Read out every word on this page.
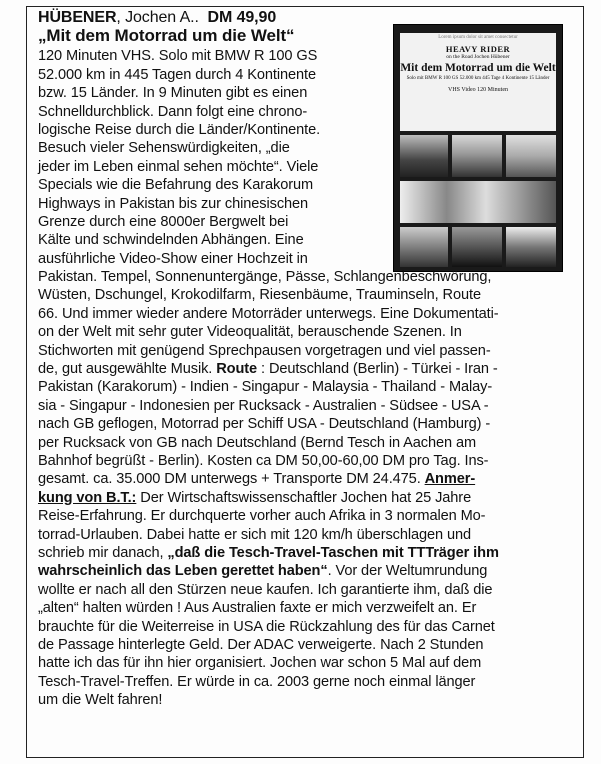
Lorem ipsum dolor sit amet consectetur
HEAVY RIDER
on the Road Jochen Hübener
Mit dem Motorrad um die Welt
Solo mit BMW R 100 GS 52.000 km 445 Tage 4 Kontinente 15 Länder
VHS Video 120 Minuten
HÜBENER, Jochen A.. DM 49,90
„Mit dem Motorrad um die Welt“
120 Minuten VHS. Solo mit BMW R 100 GS
52.000 km in 445 Tagen durch 4 Kontinente
bzw. 15 Länder. In 9 Minuten gibt es einen
Schnelldurchblick. Dann folgt eine chrono-
logische Reise durch die Länder/Kontinente.
Besuch vieler Sehenswürdigkeiten, „die
jeder im Leben einmal sehen möchte“. Viele
Specials wie die Befahrung des Karakorum
Highways in Pakistan bis zur chinesischen
Grenze durch eine 8000er Bergwelt bei
Kälte und schwindelnden Abhängen. Eine
ausführliche Video-Show einer Hochzeit in
Pakistan. Tempel, Sonnenuntergänge, Pässe, Schlangenbeschwörung,
Wüsten, Dschungel, Krokodilfarm, Riesenbäume, Trauminseln, Route
66. Und immer wieder andere Motorräder unterwegs. Eine Dokumentati-
on der Welt mit sehr guter Videoqualität, berauschende Szenen. In
Stichworten mit genügend Sprechpausen vorgetragen und viel passen-
de, gut ausgewählte Musik. Route : Deutschland (Berlin) - Türkei - Iran -
Pakistan (Karakorum) - Indien - Singapur - Malaysia - Thailand - Malay-
sia - Singapur - Indonesien per Rucksack - Australien - Südsee - USA -
nach GB geflogen, Motorrad per Schiff USA - Deutschland (Hamburg) -
per Rucksack von GB nach Deutschland (Bernd Tesch in Aachen am
Bahnhof begrüßt - Berlin). Kosten ca DM 50,00-60,00 DM pro Tag. Ins-
gesamt. ca. 35.000 DM unterwegs + Transporte DM 24.475. Anmer-
kung von B.T.: Der Wirtschaftswissenschaftler Jochen hat 25 Jahre
Reise-Erfahrung. Er durchquerte vorher auch Afrika in 3 normalen Mo-
torrad-Urlauben. Dabei hatte er sich mit 120 km/h überschlagen und
schrieb mir danach, „daß die Tesch-Travel-Taschen mit TTTräger ihm
wahrscheinlich das Leben gerettet haben“. Vor der Weltumrundung
wollte er nach all den Stürzen neue kaufen. Ich garantierte ihm, daß die
„alten“ halten würden ! Aus Australien faxte er mich verzweifelt an. Er
brauchte für die Weiterreise in USA die Rückzahlung des für das Carnet
de Passage hinterlegte Geld. Der ADAC verweigerte. Nach 2 Stunden
hatte ich das für ihn hier organisiert. Jochen war schon 5 Mal auf dem
Tesch-Travel-Treffen. Er würde in ca. 2003 gerne noch einmal länger
um die Welt fahren!
